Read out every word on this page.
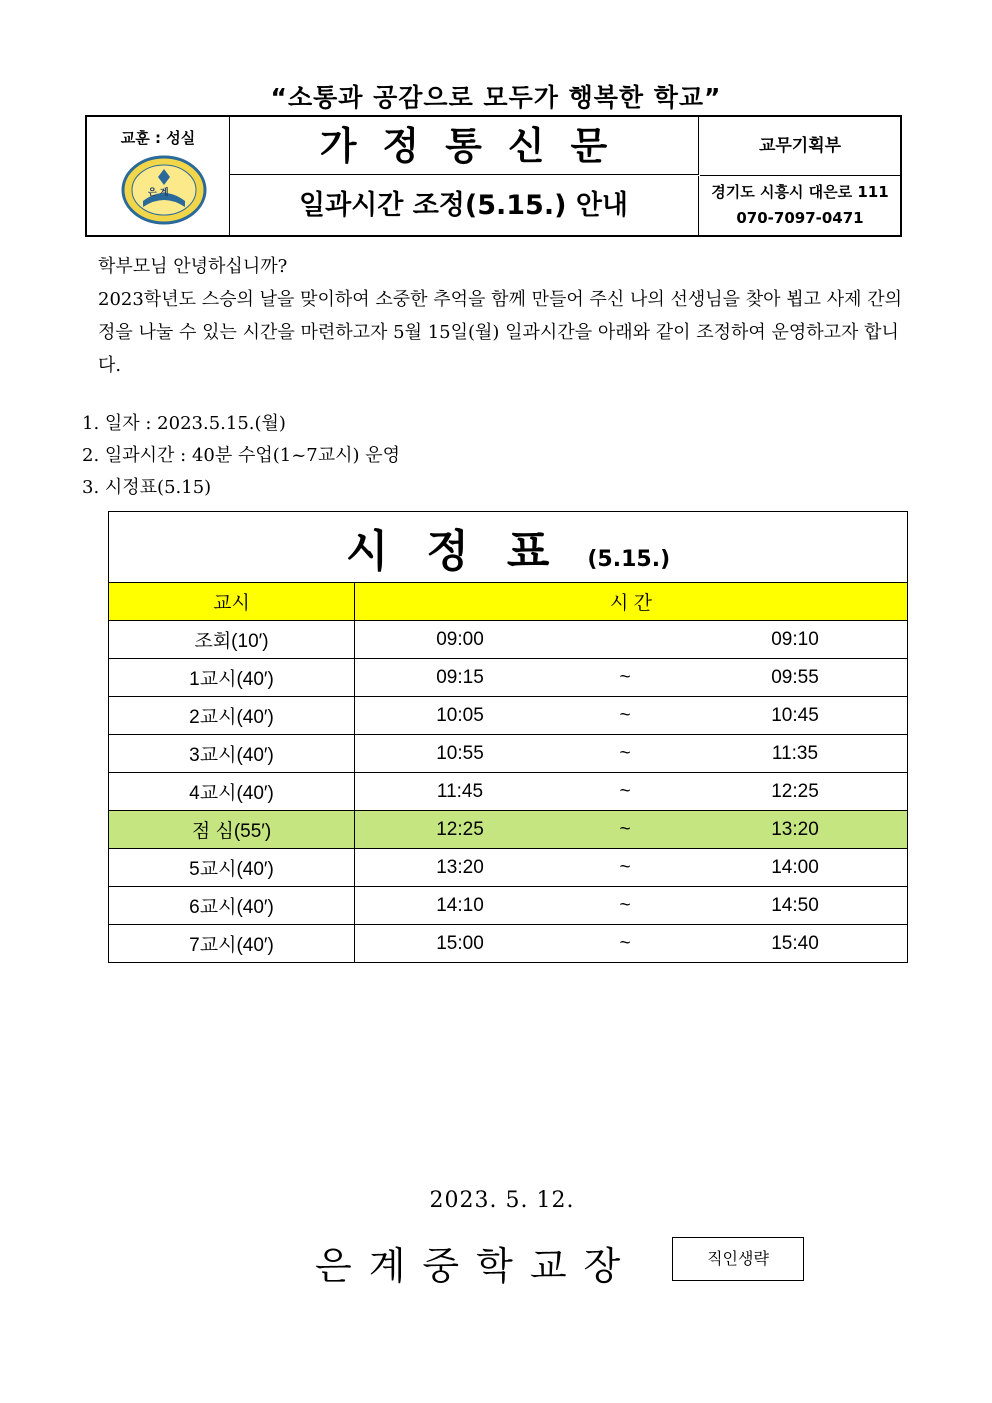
“소통과 공감으로 모두가 행복한 학교”
교훈 : 성실
은 계
가정통신문
일과시간 조정(5.15.) 안내
교무기획부
경기도 시흥시 대은로 111
070-7097-0471

학부모님 안녕하십니까?

2023학년도 스승의 날을 맞이하여 소중한 추억을 함께 만들어 주신 나의 선생님을 찾아 뵙고 사제 간의 정을 나눌 수 있는 시간을 마련하고자 5월 15일(월) 일과시간을 아래와 같이 조정하여 운영하고자 합니다.

1. 일자 : 2023.5.15.(월)

2. 일과시간 : 40분 수업(1~7교시) 운영

3. 시정표(5.15)

시정표(5.15.)	
교시	시 간
조회(10′)	09:00 09:10

1교시(40′)	09:15 ~ 09:55

2교시(40′)	10:05 ~ 10:45

3교시(40′)	10:55 ~ 11:35

4교시(40′)	11:45 ~ 12:25

점 심(55′)	12:25 ~ 13:20

5교시(40′)	13:20 ~ 14:00

6교시(40′)	14:10 ~ 14:50

7교시(40′)	15:00 ~ 15:40
2023. 5. 12.
은계중학교장	직인생략
